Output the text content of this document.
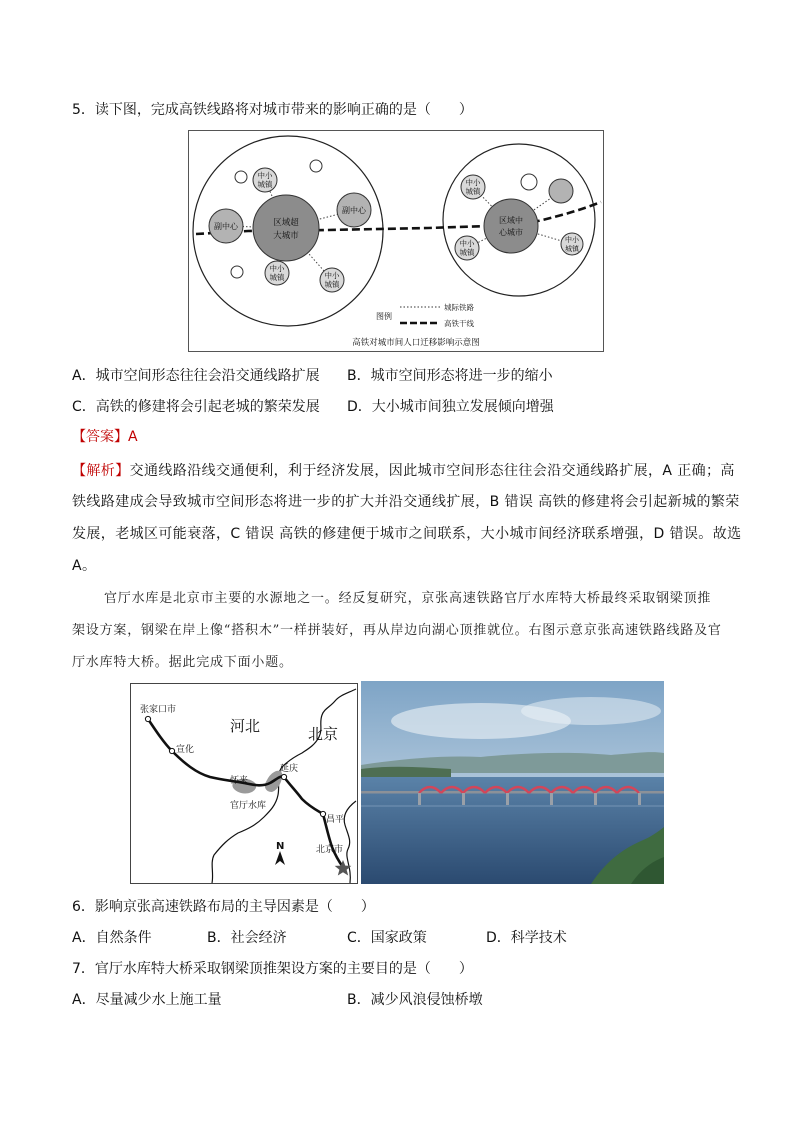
5．读下图，完成高铁线路将对城市带来的影响正确的是（　　）
中小
城镇
副中心
副中心
区域超
大城市
中小
城镇	中小
城镇
中小
城镇
区域中
心城市
中小
城镇
中小
城镇
图例
城际铁路
高铁干线
高铁对城市间人口迁移影响示意图
A．城市空间形态往往会沿交通线路扩展 B．城市空间形态将进一步的缩小
C．高铁的修建将会引起老城的繁荣发展 D．大小城市间独立发展倾向增强
【答案】A
【解析】交通线路沿线交通便利，利于经济发展，因此城市空间形态往往会沿交通线路扩展，A 正确；高
铁线路建成会导致城市空间形态将进一步的扩大并沿交通线扩展，B 错误 高铁的修建将会引起新城的繁荣
发展，老城区可能衰落，C 错误 高铁的修建便于城市之间联系，大小城市间经济联系增强，D 错误。故选
A。
官厅水库是北京市主要的水源地之一。经反复研究，京张高速铁路官厅水库特大桥最终采取钢梁顶推
架设方案，钢梁在岸上像“搭积木”一样拼装好，再从岸边向湖心顶推就位。右图示意京张高速铁路线路及官
厅水库特大桥。据此完成下面小题。
张家口市
河北
宣化
北京
延庆
怀来
官厅水库
昌平
北京市
N
6．影响京张高速铁路布局的主导因素是（　　）
A．自然条件	B．社会经济	C．国家政策	D．科学技术
7．官厅水库特大桥采取钢梁顶推架设方案的主要目的是（　　）
A．尽量减少水上施工量	B．减少风浪侵蚀桥墩
